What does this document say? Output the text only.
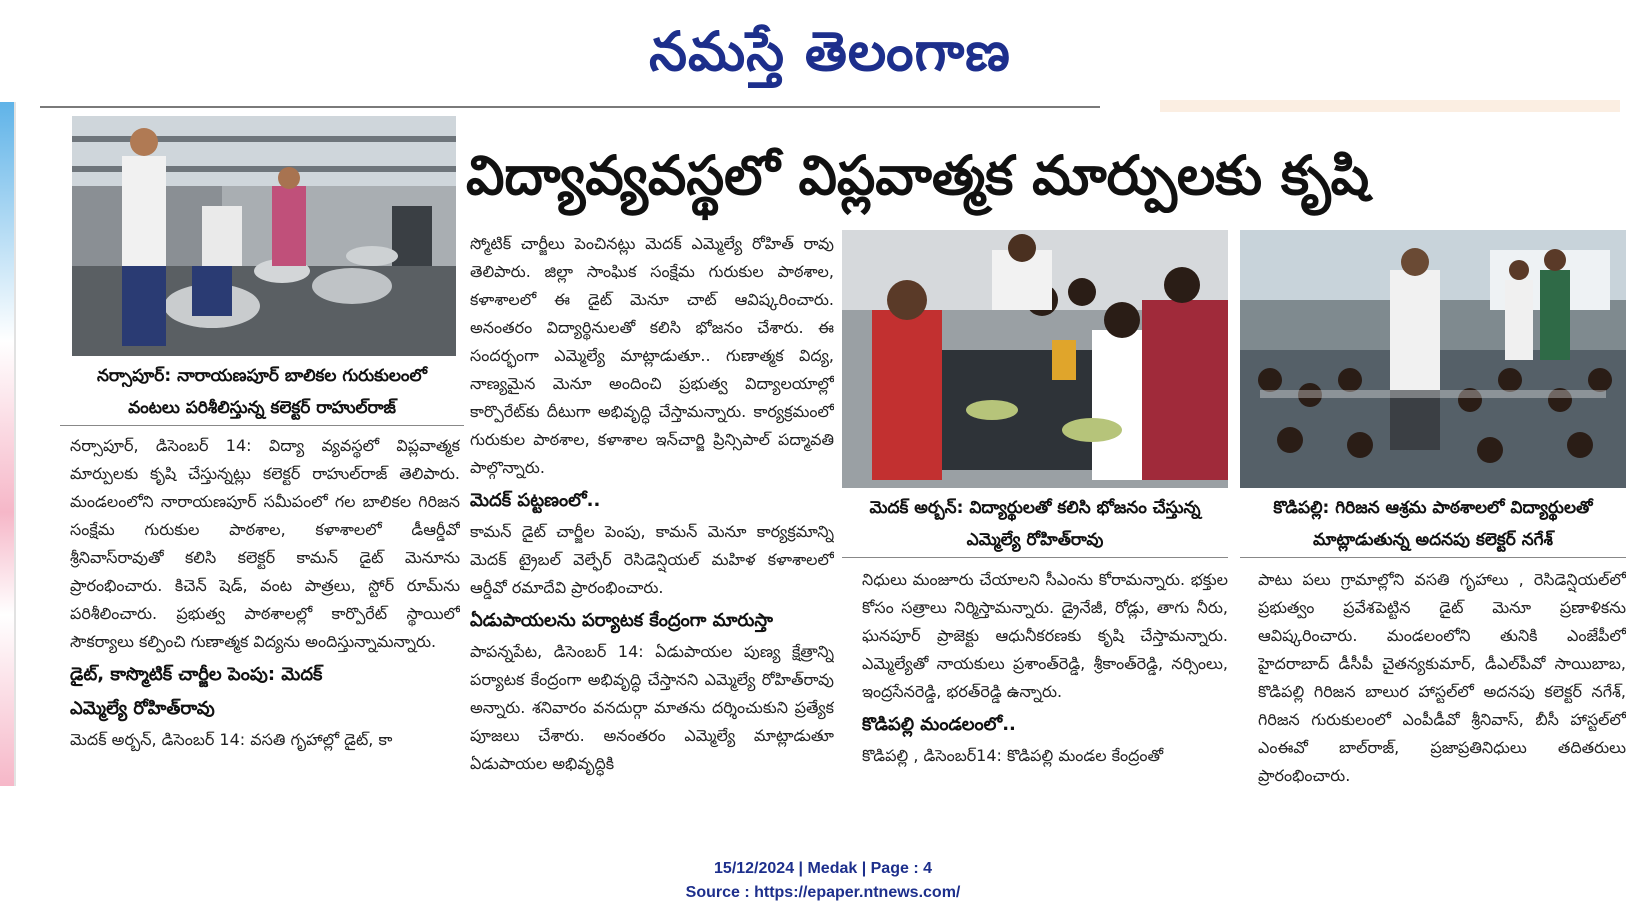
నమస్తే తెలంగాణ
విద్యావ్యవస్థలో విప్లవాత్మక మార్పులకు కృషి
నర్సాపూర్: నారాయణపూర్ బాలికల గురుకులంలో
వంటలు పరిశీలిస్తున్న కలెక్టర్ రాహుల్‌రాజ్
మెదక్ అర్బన్: విద్యార్థులతో కలిసి భోజనం చేస్తున్న
ఎమ్మెల్యే రోహిత్‌రావు
కొడిపల్లి: గిరిజన ఆశ్రమ పాఠశాలలో విద్యార్థులతో
మాట్లాడుతున్న అదనపు కలెక్టర్ నగేశ్

నర్సాపూర్, డిసెంబర్ 14: విద్యా వ్యవస్థలో విప్లవాత్మక మార్పులకు కృషి చేస్తున్నట్లు కలెక్టర్ రాహుల్‌రాజ్ తెలిపారు. మండలంలోని నారాయణపూర్ సమీపంలో గల బాలికల గిరిజన సంక్షేమ గురుకుల పాఠశాల, కళాశాలలో డీఆర్డీవో శ్రీనివాస్‌రావుతో కలిసి కలెక్టర్ కామన్ డైట్ మెనూను ప్రారంభించారు. కిచెన్ షెడ్, వంట పాత్రలు, స్టోర్ రూమ్‌ను పరిశీలించారు. ప్రభుత్వ పాఠశాలల్లో కార్పొరేట్ స్థాయిలో సౌకర్యాలు కల్పించి గుణాత్మక విద్యను అందిస్తున్నామన్నారు.

డైట్, కాస్మొటిక్ చార్జీల పెంపు: మెదక్
ఎమ్మెల్యే రోహిత్‌రావు

మెదక్ అర్బన్, డిసెంబర్ 14: వసతి గృహాల్లో డైట్, కా

స్మోటిక్ చార్జీలు పెంచినట్లు మెదక్ ఎమ్మెల్యే రోహిత్ రావు తెలిపారు. జిల్లా సాంఘిక సంక్షేమ గురుకుల పాఠశాల, కళాశాలలో ఈ డైట్ మెనూ చాట్ ఆవిష్కరించారు. అనంతరం విద్యార్థినులతో కలిసి భోజనం చేశారు. ఈ సందర్భంగా ఎమ్మెల్యే మాట్లాడుతూ.. గుణాత్మక విద్య, నాణ్యమైన మెనూ అందించి ప్రభుత్వ విద్యాలయాల్లో కార్పొరేట్‌కు దీటుగా అభివృద్ధి చేస్తామన్నారు. కార్యక్రమంలో గురుకుల పాఠశాల, కళాశాల ఇన్‌చార్జి ప్రిన్సిపాల్ పద్మావతి పాల్గొన్నారు.

మెదక్ పట్టణంలో..

కామన్ డైట్ చార్జీల పెంపు, కామన్ మెనూ కార్యక్రమాన్ని మెదక్ ట్రైబల్ వెల్ఫేర్ రెసిడెన్షియల్ మహిళ కళాశాలలో ఆర్డీవో రమాదేవి ప్రారంభించారు.

ఏడుపాయలను పర్యాటక కేంద్రంగా మారుస్తా

పాపన్నపేట, డిసెంబర్ 14: ఏడుపాయల పుణ్య క్షేత్రాన్ని పర్యాటక కేంద్రంగా అభివృద్ధి చేస్తానని ఎమ్మెల్యే రోహిత్‌రావు అన్నారు. శనివారం వనదుర్గా మాతను దర్శించుకుని ప్రత్యేక పూజలు చేశారు. అనంతరం ఎమ్మెల్యే మాట్లాడుతూ ఏడుపాయల అభివృద్ధికి

నిధులు మంజూరు చేయాలని సీఎంను కోరామన్నారు. భక్తుల కోసం సత్రాలు నిర్మిస్తామన్నారు. డ్రైనేజీ, రోడ్లు, తాగు నీరు, ఘనపూర్ ప్రాజెక్టు ఆధునీకరణకు కృషి చేస్తామన్నారు. ఎమ్మెల్యేతో నాయకులు ప్రశాంత్‌రెడ్డి, శ్రీకాంత్‌రెడ్డి, నర్సింలు, ఇంద్రసేనరెడ్డి, భరత్‌రెడ్డి ఉన్నారు.

కొడిపల్లి మండలంలో..

కొడిపల్లి , డిసెంబర్14: కొడిపల్లి మండల కేంద్రంతో

పాటు పలు గ్రామాల్లోని వసతి గృహాలు , రెసిడెన్షియల్‌లో ప్రభుత్వం ప్రవేశపెట్టిన డైట్ మెనూ ప్రణాళికను ఆవిష్కరించారు. మండలంలోని తునికి ఎంజేపీలో హైదరాబాద్ డీసీపీ చైతన్యకుమార్, డీఎల్‌పీవో సాయిబాబ, కొడిపల్లి గిరిజన బాలుర హాస్టల్‌లో అదనపు కలెక్టర్ నగేశ్, గిరిజన గురుకులంలో ఎంపీడీవో శ్రీనివాస్, బీసీ హాస్టల్‌లో ఎంఈవో బాల్‌రాజ్, ప్రజాప్రతినిధులు తదితరులు ప్రారంభించారు.

15/12/2024 | Medak | Page : 4
Source : https://epaper.ntnews.com/
